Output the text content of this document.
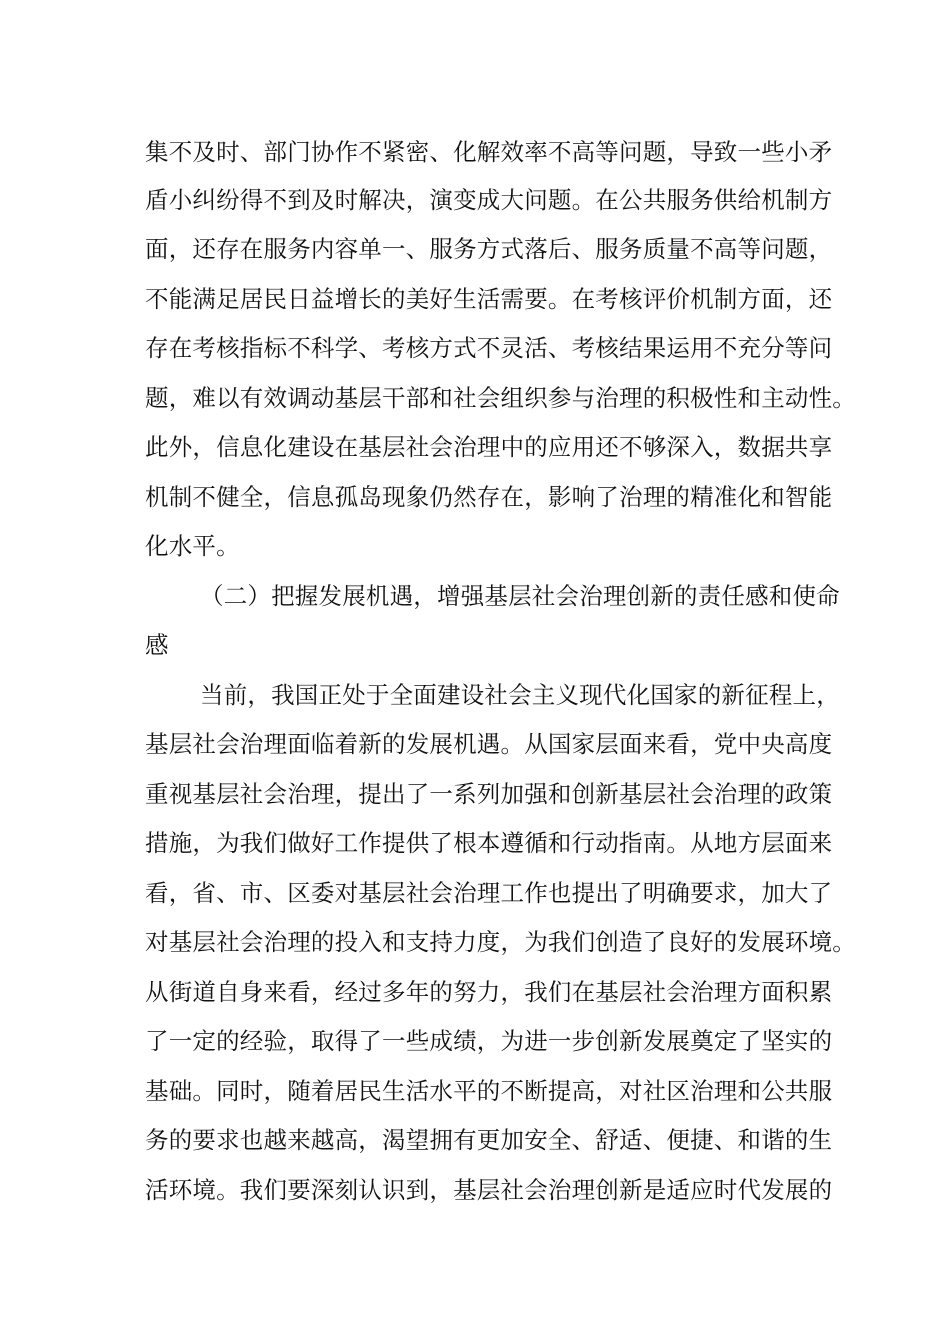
集不及时、部门协作不紧密、化解效率不高等问题，导致一些小矛
盾小纠纷得不到及时解决，演变成大问题。在公共服务供给机制方
面，还存在服务内容单一、服务方式落后、服务质量不高等问题，
不能满足居民日益增长的美好生活需要。在考核评价机制方面，还
存在考核指标不科学、考核方式不灵活、考核结果运用不充分等问
题，难以有效调动基层干部和社会组织参与治理的积极性和主动性。
此外，信息化建设在基层社会治理中的应用还不够深入，数据共享
机制不健全，信息孤岛现象仍然存在，影响了治理的精准化和智能
化水平。
（二）把握发展机遇，增强基层社会治理创新的责任感和使命
感
当前，我国正处于全面建设社会主义现代化国家的新征程上，
基层社会治理面临着新的发展机遇。从国家层面来看，党中央高度
重视基层社会治理，提出了一系列加强和创新基层社会治理的政策
措施，为我们做好工作提供了根本遵循和行动指南。从地方层面来
看，省、市、区委对基层社会治理工作也提出了明确要求，加大了
对基层社会治理的投入和支持力度，为我们创造了良好的发展环境。
从街道自身来看，经过多年的努力，我们在基层社会治理方面积累
了一定的经验，取得了一些成绩，为进一步创新发展奠定了坚实的
基础。同时，随着居民生活水平的不断提高，对社区治理和公共服
务的要求也越来越高，渴望拥有更加安全、舒适、便捷、和谐的生
活环境。我们要深刻认识到，基层社会治理创新是适应时代发展的
